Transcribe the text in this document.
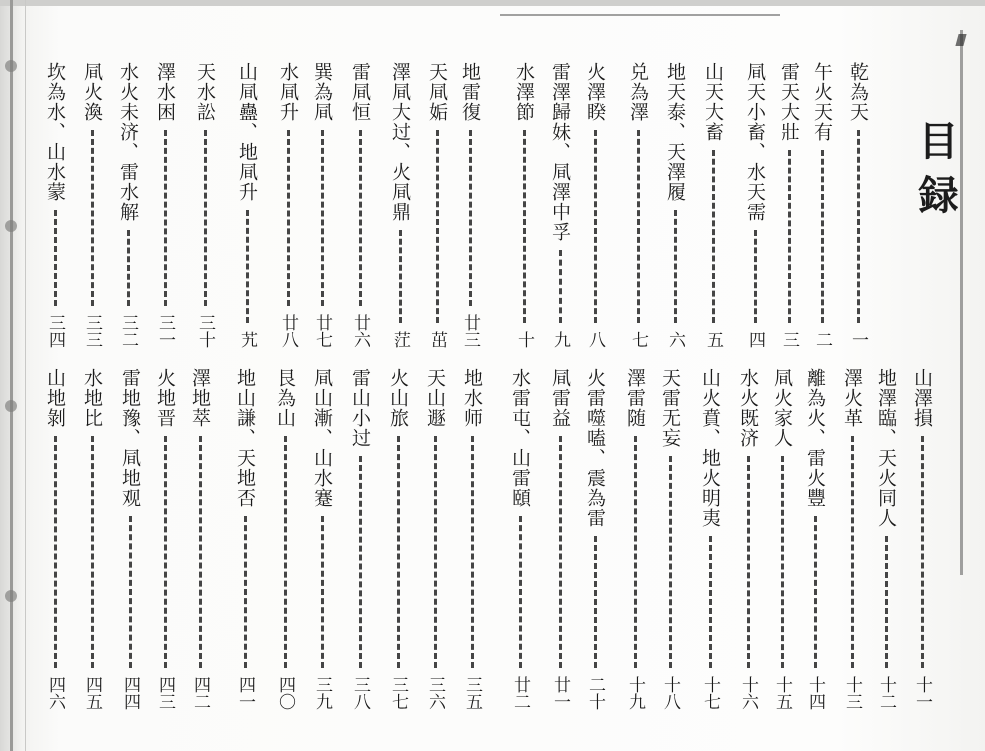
目録
乾為天
一
午火天有
二
雷天大壯
三
凬天小畜、水天需
四
山天大畜
五
地天泰、天澤履
六
兑為澤
七
火澤睽
八
雷澤歸妹、凬澤中孚
九
水澤節
十
地雷復
廿三
天凬姤
茁
澤凬大过、火凬鼎
茳
雷凬恒
廿六
巽為凬
廿七
水凬升
廿八
山凬蠱、地凬升
艽
天水訟
三十
澤水困
三一
水火未济、雷水解
三二
凬火渙
三三
坎為水、山水蒙
三四
山澤損
十一
地澤臨、天火同人
十二
澤火革
十三
離為火、雷火豐
十四
凬火家人
十五
水火既济
十六
山火賁、地火明夷
十七
天雷无妄
十八
澤雷随
十九
火雷噬嗑、震為雷
二十
凬雷益
廿一
水雷屯、山雷頤
廿二
地水师
三五
天山遯
三六
火山旅
三七
雷山小过
三八
凬山漸、山水蹇
三九
艮為山
四〇
地山謙、天地否
四一
澤地萃
四二
火地晋
四三
雷地豫、凬地观
四四
水地比
四五
山地剝
四六
